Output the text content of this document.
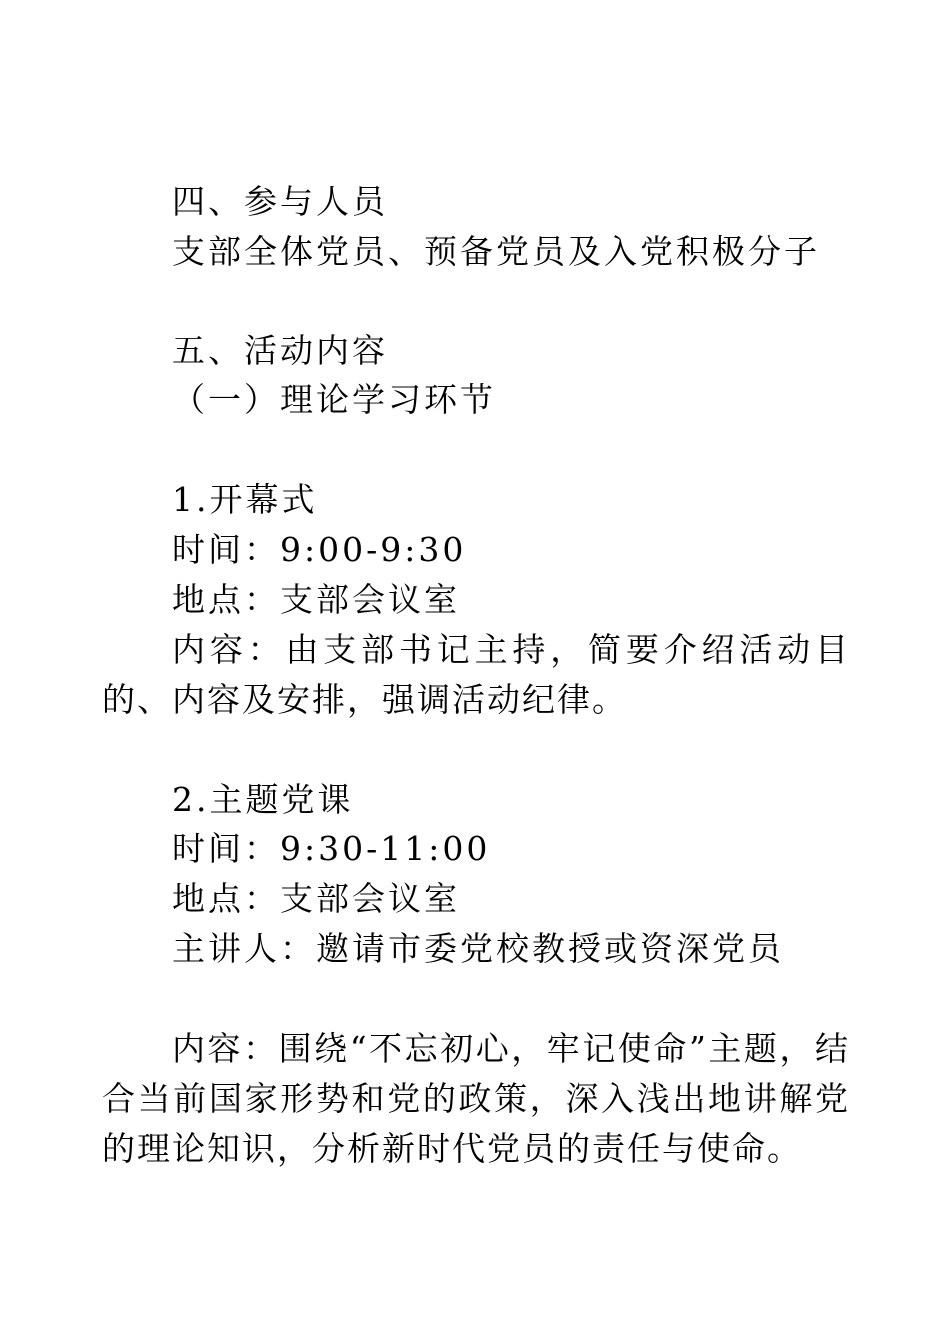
四、参与人员
支部全体党员、预备党员及入党积极分子
五、活动内容
（一）理论学习环节
1.开幕式
时间：9:00-9:30
地点：支部会议室
内容：由支部书记主持，简要介绍活动目的、内容及安排，强调活动纪律。
2.主题党课
时间：9:30-11:00
地点：支部会议室
主讲人：邀请市委党校教授或资深党员
内容：围绕“不忘初心，牢记使命”主题，结合当前国家形势和党的政策，深入浅出地讲解党的理论知识，分析新时代党员的责任与使命。
